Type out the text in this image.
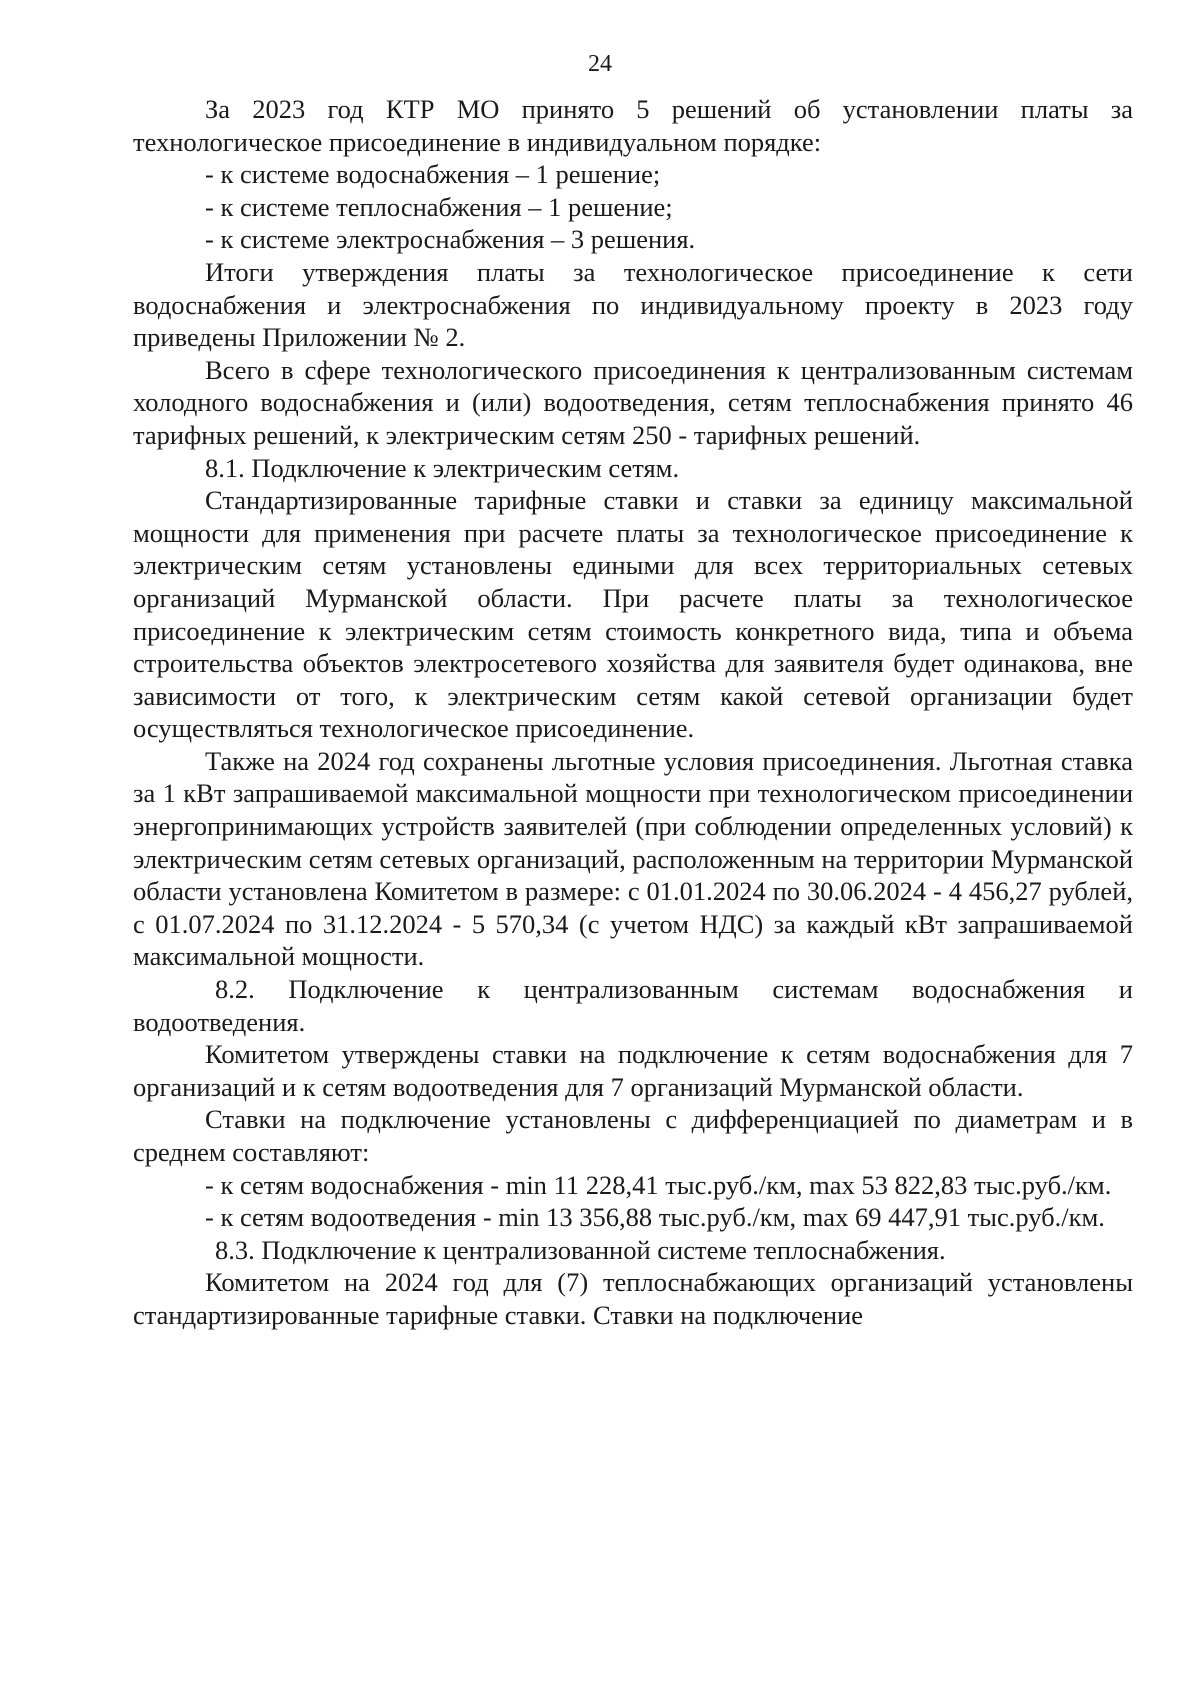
24

За 2023 год КТР МО принято 5 решений об установлении платы за технологическое присоединение в индивидуальном порядке:

- к системе водоснабжения – 1 решение;

- к системе теплоснабжения – 1 решение;

- к системе электроснабжения – 3 решения.

Итоги утверждения платы за технологическое присоединение к сети водоснабжения и электроснабжения по индивидуальному проекту в 2023 году приведены Приложении № 2.

Всего в сфере технологического присоединения к централизованным системам холодного водоснабжения и (или) водоотведения, сетям теплоснабжения принято 46 тарифных решений, к электрическим сетям 250 - тарифных решений.

8.1. Подключение к электрическим сетям.

Стандартизированные тарифные ставки и ставки за единицу максимальной мощности для применения при расчете платы за технологическое присоединение к электрическим сетям установлены едиными для всех территориальных сетевых организаций Мурманской области. При расчете платы за технологическое присоединение к электрическим сетям стоимость конкретного вида, типа и объема строительства объектов электросетевого хозяйства для заявителя будет одинакова, вне зависимости от того, к электрическим сетям какой сетевой организации будет осуществляться технологическое присоединение.

Также на 2024 год сохранены льготные условия присоединения. Льготная ставка за 1 кВт запрашиваемой максимальной мощности при технологическом присоединении энергопринимающих устройств заявителей (при соблюдении определенных условий) к электрическим сетям сетевых организаций, расположенным на территории Мурманской области установлена Комитетом в размере: с 01.01.2024 по 30.06.2024 - 4 456,27 рублей, с 01.07.2024 по 31.12.2024 - 5 570,34 (с учетом НДС) за каждый кВт запрашиваемой максимальной мощности.

8.2. Подключение к централизованным системам водоснабжения и водоотведения.

Комитетом утверждены ставки на подключение к сетям водоснабжения для 7 организаций и к сетям водоотведения для 7 организаций Мурманской области.

Ставки на подключение установлены с дифференциацией по диаметрам и в среднем составляют:

- к сетям водоснабжения - min 11 228,41 тыс.руб./км, max 53 822,83 тыс.руб./км.

- к сетям водоотведения - min 13 356,88 тыс.руб./км, max 69 447,91 тыс.руб./км.

8.3. Подключение к централизованной системе теплоснабжения.

Комитетом на 2024 год для (7) теплоснабжающих организаций установлены стандартизированные тарифные ставки. Ставки на подключение
